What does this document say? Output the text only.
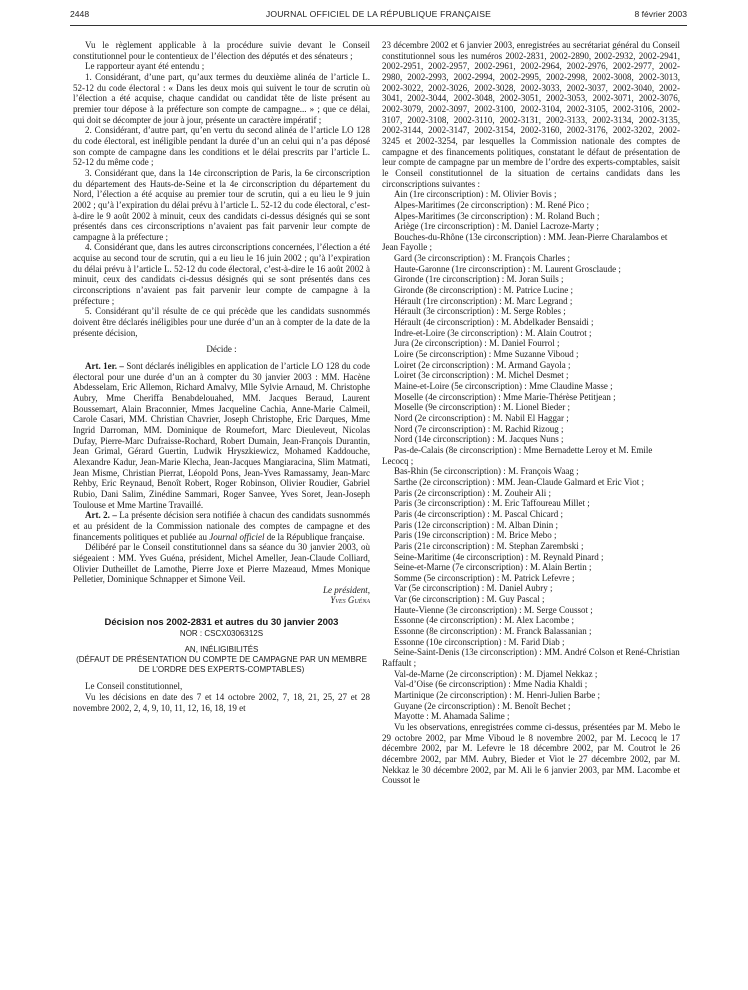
2448	JOURNAL OFFICIEL DE LA RÉPUBLIQUE FRANÇAISE	8 février 2003

Vu le règlement applicable à la procédure suivie devant le Conseil constitutionnel pour le contentieux de l’élection des députés et des sénateurs ;

Le rapporteur ayant été entendu ;

1. Considérant, d’une part, qu’aux termes du deuxième alinéa de l’article L. 52-12 du code électoral : « Dans les deux mois qui suivent le tour de scrutin où l’élection a été acquise, chaque candidat ou candidat tête de liste présent au premier tour dépose à la préfecture son compte de campagne... » ; que ce délai, qui doit se décompter de jour à jour, présente un caractère impératif ;

2. Considérant, d’autre part, qu’en vertu du second alinéa de l’article LO 128 du code électoral, est inéligible pendant la durée d’un an celui qui n’a pas déposé son compte de campagne dans les conditions et le délai prescrits par l’article L. 52-12 du même code ;

3. Considérant que, dans la 14e circonscription de Paris, la 6e circonscription du département des Hauts-de-Seine et la 4e circonscription du département du Nord, l’élection a été acquise au premier tour de scrutin, qui a eu lieu le 9 juin 2002 ; qu’à l’expiration du délai prévu à l’article L. 52-12 du code électoral, c’est-à-dire le 9 août 2002 à minuit, ceux des candidats ci-dessus désignés qui se sont présentés dans ces circonscriptions n’avaient pas fait parvenir leur compte de campagne à la préfecture ;

4. Considérant que, dans les autres circonscriptions concernées, l’élection a été acquise au second tour de scrutin, qui a eu lieu le 16 juin 2002 ; qu’à l’expiration du délai prévu à l’article L. 52-12 du code électoral, c’est-à-dire le 16 août 2002 à minuit, ceux des candidats ci-dessus désignés qui se sont présentés dans ces circonscriptions n’avaient pas fait parvenir leur compte de campagne à la préfecture ;

5. Considérant qu’il résulte de ce qui précède que les candidats susnommés doivent être déclarés inéligibles pour une durée d’un an à compter de la date de la présente décision,

Décide :

Art. 1er. – Sont déclarés inéligibles en application de l’article LO 128 du code électoral pour une durée d’un an à compter du 30 janvier 2003 : MM. Hacène Abdesselam, Eric Allemon, Richard Amalvy, Mlle Sylvie Arnaud, M. Christophe Aubry, Mme Cheriffa Benabdelouahed, MM. Jacques Beraud, Laurent Boussemart, Alain Braconnier, Mmes Jacqueline Cachia, Anne-Marie Calmeil, Carole Casari, MM. Christian Chavrier, Joseph Christophe, Eric Darques, Mme Ingrid Darroman, MM. Dominique de Roumefort, Marc Dieuleveut, Nicolas Dufay, Pierre-Marc Dufraisse-Rochard, Robert Dumain, Jean-François Durantin, Jean Grimal, Gérard Guertin, Ludwik Hryszkiewicz, Mohamed Kaddouche, Alexandre Kadur, Jean-Marie Klecha, Jean-Jacques Mangiaracina, Slim Matmati, Jean Misme, Christian Pierrat, Léopold Pons, Jean-Yves Ramassamy, Jean-Marc Rehby, Eric Reynaud, Benoît Robert, Roger Robinson, Olivier Roudier, Gabriel Rubio, Dani Salim, Zinédine Sammari, Roger Sanvee, Yves Soret, Jean-Joseph Toulouse et Mme Martine Travaillé.

Art. 2. – La présente décision sera notifiée à chacun des candidats susnommés et au président de la Commission nationale des comptes de campagne et des financements politiques et publiée au Journal officiel de la République française.

Délibéré par le Conseil constitutionnel dans sa séance du 30 janvier 2003, où siégeaient : MM. Yves Guéna, président, Michel Ameller, Jean-Claude Colliard, Olivier Dutheillet de Lamothe, Pierre Joxe et Pierre Mazeaud, Mmes Monique Pelletier, Dominique Schnapper et Simone Veil.

Le président,

Yves Guéna

Décision nos 2002-2831 et autres du 30 janvier 2003

NOR : CSCX0306312S

AN, INÉLIGIBILITÉS

(DÉFAUT DE PRÉSENTATION DU COMPTE DE CAMPAGNE PAR UN MEMBRE DE L’ORDRE DES EXPERTS-COMPTABLES)

Le Conseil constitutionnel,

Vu les décisions en date des 7 et 14 octobre 2002, 7, 18, 21, 25, 27 et 28 novembre 2002, 2, 4, 9, 10, 11, 12, 16, 18, 19 et

23 décembre 2002 et 6 janvier 2003, enregistrées au secrétariat général du Conseil constitutionnel sous les numéros 2002-2831, 2002-2890, 2002-2932, 2002-2941, 2002-2951, 2002-2957, 2002-2961, 2002-2964, 2002-2976, 2002-2977, 2002-2980, 2002-2993, 2002-2994, 2002-2995, 2002-2998, 2002-3008, 2002-3013, 2002-3022, 2002-3026, 2002-3028, 2002-3033, 2002-3037, 2002-3040, 2002-3041, 2002-3044, 2002-3048, 2002-3051, 2002-3053, 2002-3071, 2002-3076, 2002-3079, 2002-3097, 2002-3100, 2002-3104, 2002-3105, 2002-3106, 2002-3107, 2002-3108, 2002-3110, 2002-3131, 2002-3133, 2002-3134, 2002-3135, 2002-3144, 2002-3147, 2002-3154, 2002-3160, 2002-3176, 2002-3202, 2002-3245 et 2002-3254, par lesquelles la Commission nationale des comptes de campagne et des financements politiques, constatant le défaut de présentation de leur compte de campagne par un membre de l’ordre des experts-comptables, saisit le Conseil constitutionnel de la situation de certains candidats dans les circonscriptions suivantes :

Ain (1re circonscription) : M. Olivier Bovis ;

Alpes-Maritimes (2e circonscription) : M. René Pico ;

Alpes-Maritimes (3e circonscription) : M. Roland Buch ;

Ariège (1re circonscription) : M. Daniel Lacroze-Marty ;

Bouches-du-Rhône (13e circonscription) : MM. Jean-Pierre Charalambos et Jean Fayolle ;

Gard (3e circonscription) : M. François Charles ;

Haute-Garonne (1re circonscription) : M. Laurent Grosclaude ;

Gironde (1re circonscription) : M. Joran Suils ;

Gironde (8e circonscription) : M. Patrice Lucine ;

Hérault (1re circonscription) : M. Marc Legrand ;

Hérault (3e circonscription) : M. Serge Robles ;

Hérault (4e circonscription) : M. Abdelkader Bensaidi ;

Indre-et-Loire (3e circonscription) : M. Alain Coutrot ;

Jura (2e circonscription) : M. Daniel Fourrol ;

Loire (5e circonscription) : Mme Suzanne Viboud ;

Loiret (2e circonscription) : M. Armand Gayola ;

Loiret (3e circonscription) : M. Michel Desmet ;

Maine-et-Loire (5e circonscription) : Mme Claudine Masse ;

Moselle (4e circonscription) : Mme Marie-Thérèse Petitjean ;

Moselle (9e circonscription) : M. Lionel Bieder ;

Nord (2e circonscription) : M. Nabil El Haggar ;

Nord (7e circonscription) : M. Rachid Rizoug ;

Nord (14e circonscription) : M. Jacques Nuns ;

Pas-de-Calais (8e circonscription) : Mme Bernadette Leroy et M. Emile Lecocq ;

Bas-Rhin (5e circonscription) : M. François Waag ;

Sarthe (2e circonscription) : MM. Jean-Claude Galmard et Eric Viot ;

Paris (2e circonscription) : M. Zouheir Ali ;

Paris (3e circonscription) : M. Eric Taffoureau Millet ;

Paris (4e circonscription) : M. Pascal Chicard ;

Paris (12e circonscription) : M. Alban Dinin ;

Paris (19e circonscription) : M. Brice Mebo ;

Paris (21e circonscription) : M. Stephan Zarembski ;

Seine-Maritime (4e circonscription) : M. Reynald Pinard ;

Seine-et-Marne (7e circonscription) : M. Alain Bertin ;

Somme (5e circonscription) : M. Patrick Lefevre ;

Var (5e circonscription) : M. Daniel Aubry ;

Var (6e circonscription) : M. Guy Pascal ;

Haute-Vienne (3e circonscription) : M. Serge Coussot ;

Essonne (4e circonscription) : M. Alex Lacombe ;

Essonne (8e circonscription) : M. Franck Balassanian ;

Essonne (10e circonscription) : M. Farid Diab ;

Seine-Saint-Denis (13e circonscription) : MM. André Colson et René-Christian Raffault ;

Val-de-Marne (2e circonscription) : M. Djamel Nekkaz ;

Val-d’Oise (6e circonscription) : Mme Nadia Khaldi ;

Martinique (2e circonscription) : M. Henri-Julien Barbe ;

Guyane (2e circonscription) : M. Benoît Bechet ;

Mayotte : M. Ahamada Salime ;

Vu les observations, enregistrées comme ci-dessus, présentées par M. Mebo le 29 octobre 2002, par Mme Viboud le 8 novembre 2002, par M. Lecocq le 17 décembre 2002, par M. Lefevre le 18 décembre 2002, par M. Coutrot le 26 décembre 2002, par MM. Aubry, Bieder et Viot le 27 décembre 2002, par M. Nekkaz le 30 décembre 2002, par M. Ali le 6 janvier 2003, par MM. Lacombe et Coussot le
